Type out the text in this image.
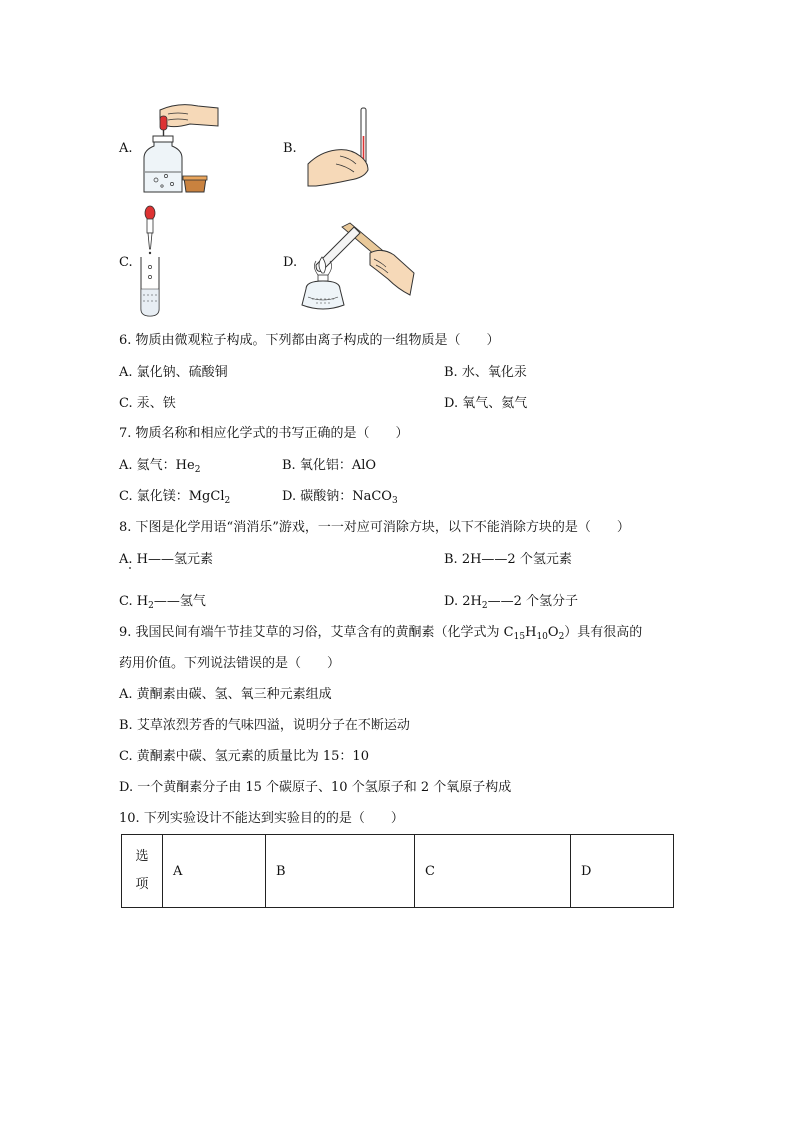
A.	B.
C.	D.
6. 物质由微观粒子构成。下列都由离子构成的一组物质是（　　）
A. 氯化钠、硫酸铜	B. 水、氧化汞
C. 汞、铁	D. 氧气、氦气
7. 物质名称和相应化学式的书写正确的是（　　）
A. 氦气：$He_2$	B. 氧化铝：AlO
C. 氯化镁：MgCl$_2$	D. 碳酸钠：NaCO$_3$
8. 下图是化学用语“消消乐”游戏，一一对应可消除方块，以下不能消除方块的是（　　）
A. H——氢元素	B. 2H——2 个氢元素
C. $H_2——$氢气	D. $2H_2——2$ 个氢分子
9. 我国民间有端午节挂艾草的习俗，艾草含有的黄酮素（化学式为 $C_{15}H_{10}O_2$）具有很高的
药用价值。下列说法错误的是（　　）
A. 黄酮素由碳、氢、氧三种元素组成
B. 艾草浓烈芳香的气味四溢，说明分子在不断运动
C. 黄酮素中碳、氢元素的质量比为 15：10
D. 一个黄酮素分子由 15 个碳原子、10 个氢原子和 2 个氧原子构成
10. 下列实验设计不能达到实验目的的是（　　）
选
项	A	B	C	D
